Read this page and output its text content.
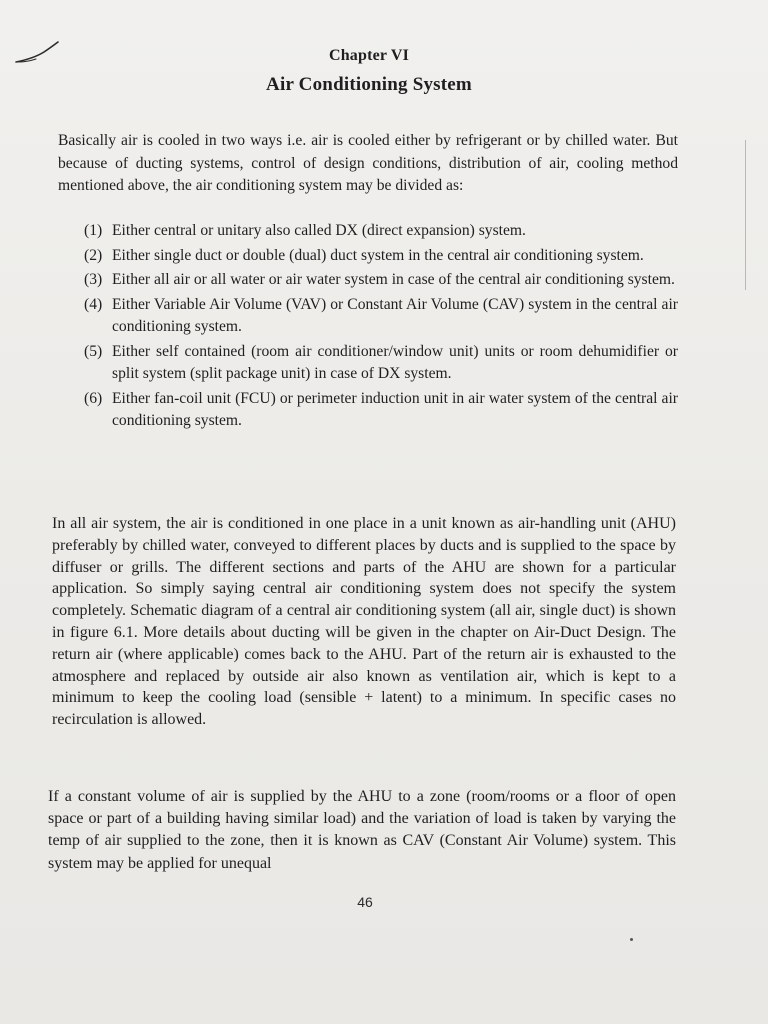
Chapter VI
Air Conditioning System

Basically air is cooled in two ways i.e. air is cooled either by refrigerant or by chilled water. But because of ducting systems, control of design conditions, distribution of air, cooling method mentioned above, the air conditioning system may be divided as:

(1) Either central or unitary also called DX (direct expansion) system.
(2) Either single duct or double (dual) duct system in the central air conditioning system.
(3) Either all air or all water or air water system in case of the central air conditioning system.
(4) Either Variable Air Volume (VAV) or Constant Air Volume (CAV) system in the central air conditioning system.
(5) Either self contained (room air conditioner/window unit) units or room dehumidifier or split system (split package unit) in case of DX system.
(6) Either fan-coil unit (FCU) or perimeter induction unit in air water system of the central air conditioning system.

In all air system, the air is conditioned in one place in a unit known as air-handling unit (AHU) preferably by chilled water, conveyed to different places by ducts and is supplied to the space by diffuser or grills. The different sections and parts of the AHU are shown for a particular application. So simply saying central air conditioning system does not specify the system completely. Schematic diagram of a central air conditioning system (all air, single duct) is shown in figure 6.1. More details about ducting will be given in the chapter on Air-Duct Design. The return air (where applicable) comes back to the AHU. Part of the return air is exhausted to the atmosphere and replaced by outside air also known as ventilation air, which is kept to a minimum to keep the cooling load (sensible + latent) to a minimum. In specific cases no recirculation is allowed.

If a constant volume of air is supplied by the AHU to a zone (room/rooms or a floor of open space or part of a building having similar load) and the variation of load is taken by varying the temp of air supplied to the zone, then it is known as CAV (Constant Air Volume) system. This system may be applied for unequal

46
